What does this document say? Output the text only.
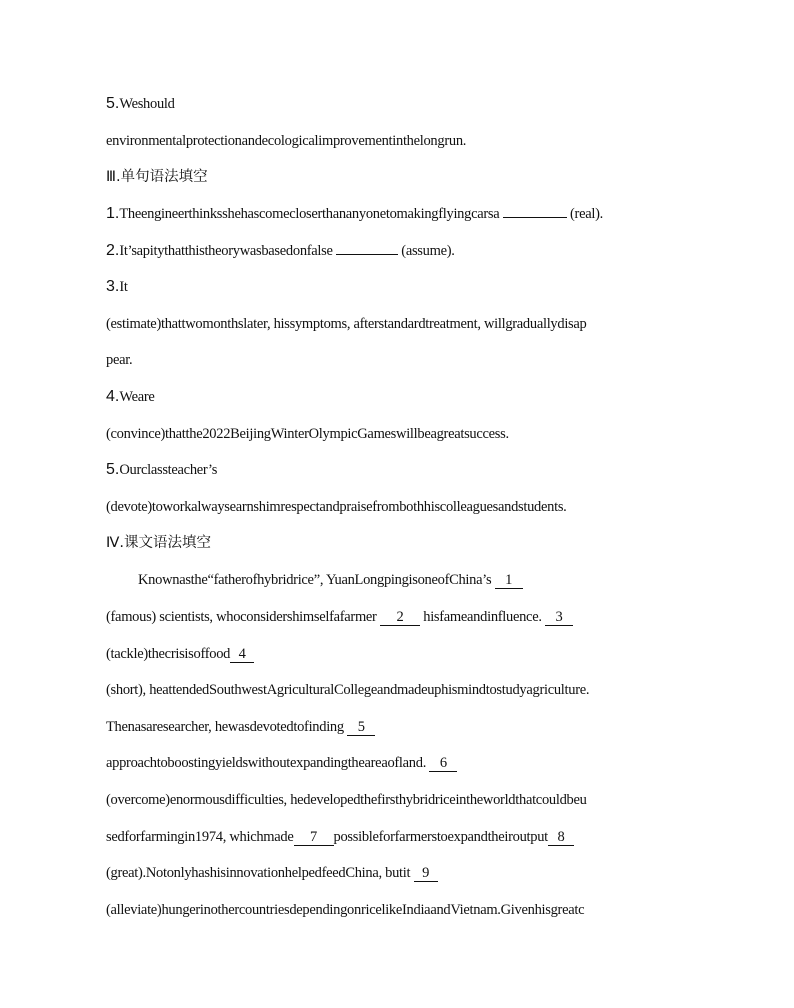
5.Weshould
environmentalprotectionandecologicalimprovementinthelongrun.
Ⅲ.单句语法填空
1.Theengineerthinksshehascomecloserthananyonetomakingflyingcarsa	(real).
2.It’sapitythatthistheorywasbasedonfalse	(assume).
3.It
(estimate)thattwomonthslater, hissymptoms, afterstandardtreatment, willgraduallydisap
pear.
4.Weare
(convince)thatthe2022BeijingWinterOlympicGameswillbeagreatsuccess.
5.Ourclassteacher’s
(devote)toworkalwaysearnshimrespectandpraisefrombothhiscolleaguesandstudents.
Ⅳ.课文语法填空
Knownasthe“fatherofhybridrice”, YuanLongpingisoneofChina’s 1
(famous) scientists, whoconsidershimselfafarmer 2 hisfameandinfluence. 3
(tackle)thecrisisoffood 4
(short), heattendedSouthwestAgriculturalCollegeandmadeuphismindtostudyagriculture.
Thenasaresearcher, hewasdevotedtofinding 5
approachtoboostingyieldswithoutexpandingtheareaofland. 6
(overcome)enormousdifficulties, hedevelopedthefirsthybridriceintheworldthatcouldbeu
sedforfarmingin1974, whichmade 7 possibleforfarmerstoexpandtheiroutput 8
(great).NotonlyhashisinnovationhelpedfeedChina, butit 9
(alleviate)hungerinothercountriesdependingonricelikeIndiaandVietnam.Givenhisgreatc
